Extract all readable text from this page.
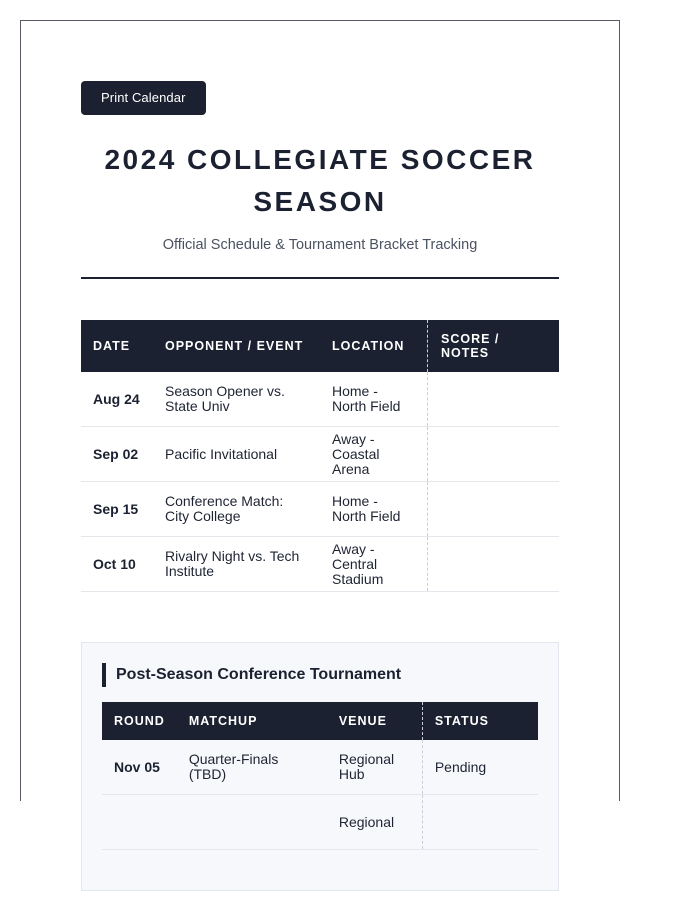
Print Calendar
2024 COLLEGIATE SOCCER
SEASON
Official Schedule & Tournament Bracket Tracking
DATE	OPPONENT / EVENT	LOCATION	SCORE /
NOTES
Aug 24	Season Opener vs. State Univ	Home - North Field	
Sep 02	Pacific Invitational	Away - Coastal Arena	
Sep 15	Conference Match: City College	Home - North Field	
Oct 10	Rivalry Night vs. Tech Institute	Away - Central Stadium	
Post-Season Conference Tournament
ROUND	MATCHUP	VENUE	STATUS
Nov 05	Quarter-Finals (TBD)	Regional Hub	Pending
		Regional	
